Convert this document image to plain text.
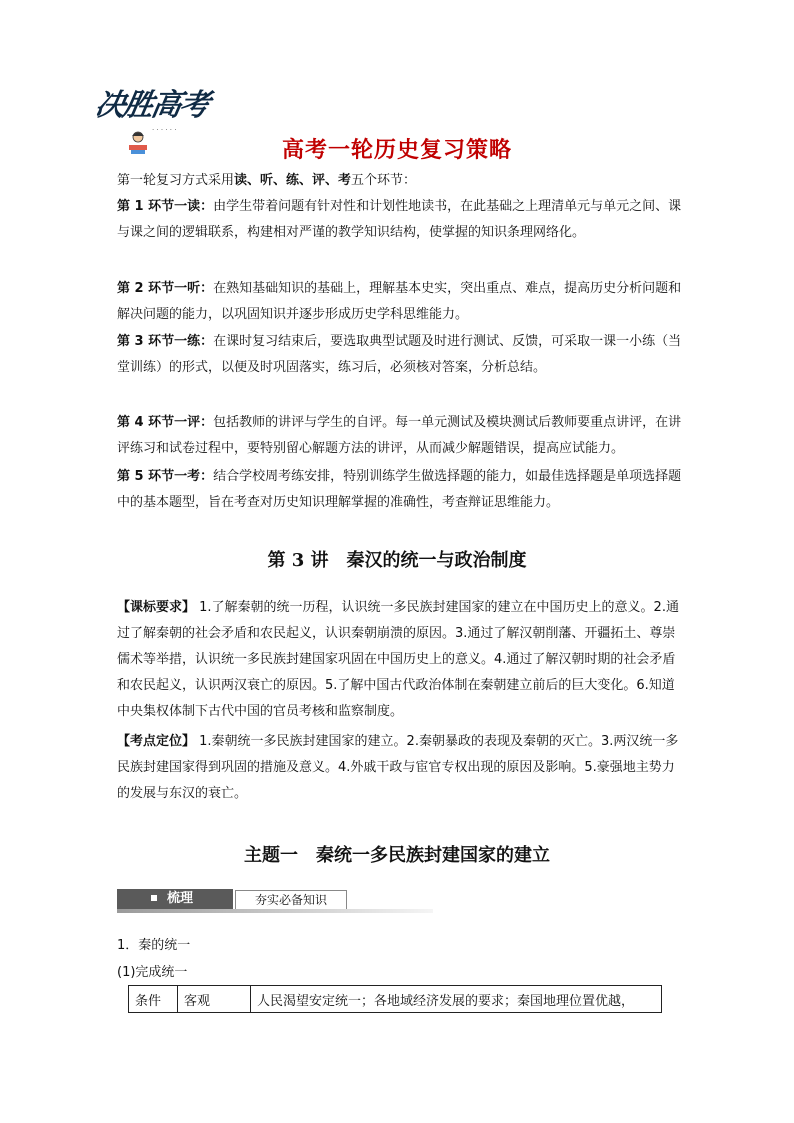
决胜高考
· · · · · ·
高考一轮历史复习策略

第一轮复习方式采用读、听、练、评、考五个环节：

第 1 环节一读：由学生带着问题有针对性和计划性地读书，在此基础之上理清单元与单元之间、课与课之间的逻辑联系，构建相对严谨的教学知识结构，使掌握的知识条理网络化。

第 2 环节一听：在熟知基础知识的基础上，理解基本史实，突出重点、难点，提高历史分析问题和解决问题的能力，以巩固知识并逐步形成历史学科思维能力。

第 3 环节一练：在课时复习结束后，要选取典型试题及时进行测试、反馈，可采取一课一小练（当堂训练）的形式，以便及时巩固落实，练习后，必须核对答案，分析总结。

第 4 环节一评：包括教师的讲评与学生的自评。每一单元测试及模块测试后教师要重点讲评，在讲评练习和试卷过程中，要特别留心解题方法的讲评，从而减少解题错误，提高应试能力。

第 5 环节一考：结合学校周考练安排，特别训练学生做选择题的能力，如最佳选择题是单项选择题中的基本题型，旨在考查对历史知识理解掌握的准确性，考查辩证思维能力。

第 3 讲　秦汉的统一与政治制度

【课标要求】 1.了解秦朝的统一历程，认识统一多民族封建国家的建立在中国历史上的意义。2.通过了解秦朝的社会矛盾和农民起义，认识秦朝崩溃的原因。3.通过了解汉朝削藩、开疆拓土、尊崇儒术等举措，认识统一多民族封建国家巩固在中国历史上的意义。4.通过了解汉朝时期的社会矛盾和农民起义，认识两汉衰亡的原因。5.了解中国古代政治体制在秦朝建立前后的巨大变化。6.知道中央集权体制下古代中国的官员考核和监察制度。

【考点定位】 1.秦朝统一多民族封建国家的建立。2.秦朝暴政的表现及秦朝的灭亡。3.两汉统一多民族封建国家得到巩固的措施及意义。4.外戚干政与宦官专权出现的原因及影响。5.豪强地主势力的发展与东汉的衰亡。

主题一　秦统一多民族封建国家的建立
梳理	夯实必备知识
1．秦的统一
(1)完成统一
条件	客观	人民渴望安定统一；各地域经济发展的要求；秦国地理位置优越，
